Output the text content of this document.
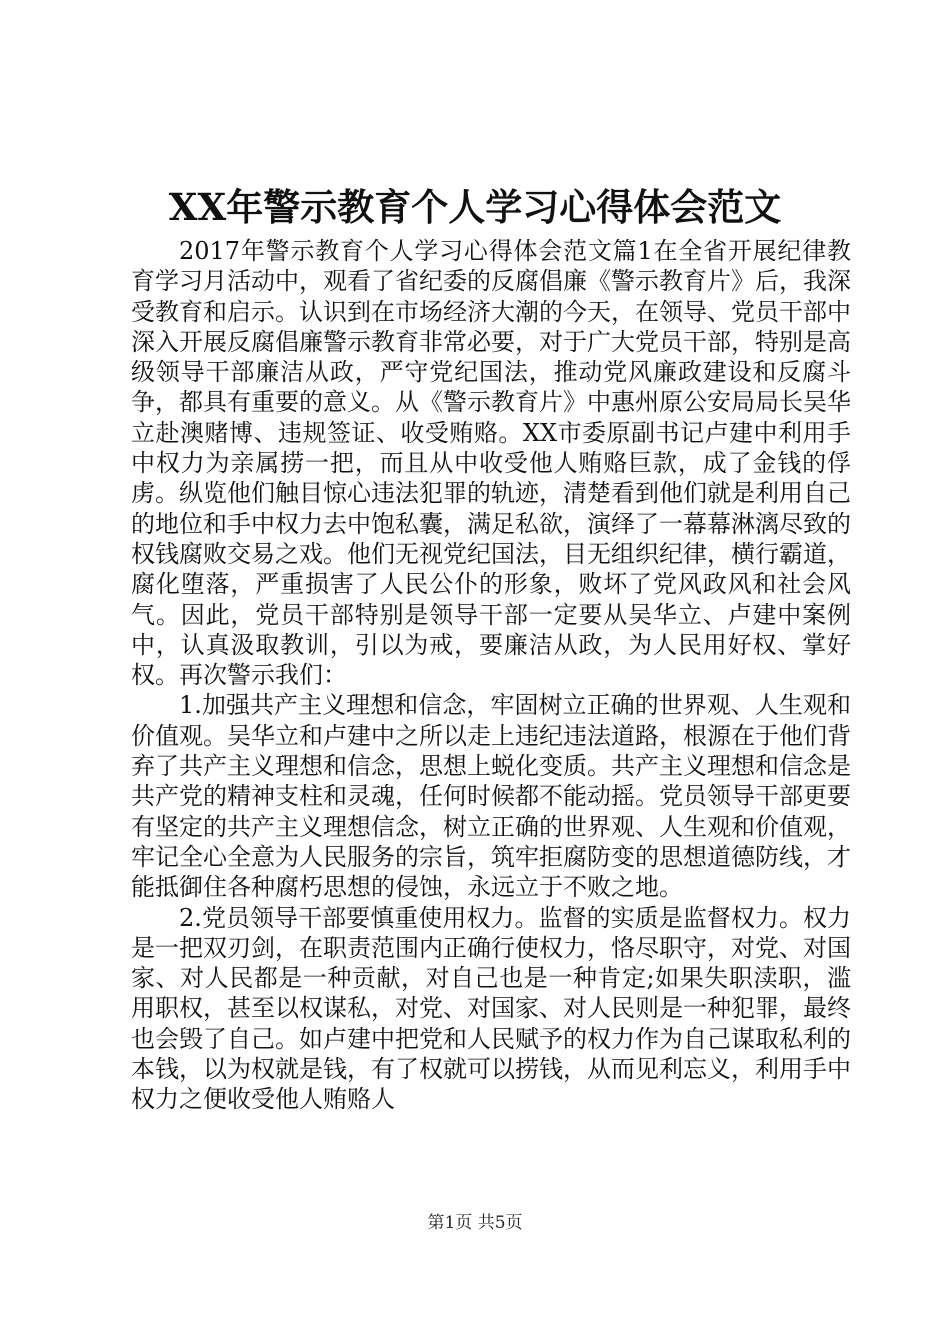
XX年警示教育个人学习心得体会范文

2017年警示教育个人学习心得体会范文篇1在全省开展纪律教育学习月活动中，观看了省纪委的反腐倡廉《警示教育片》后，我深受教育和启示。认识到在市场经济大潮的今天，在领导、党员干部中深入开展反腐倡廉警示教育非常必要，对于广大党员干部，特别是高级领导干部廉洁从政，严守党纪国法，推动党风廉政建设和反腐斗争，都具有重要的意义。从《警示教育片》中惠州原公安局局长吴华立赴澳赌博、违规签证、收受贿赂。XX市委原副书记卢建中利用手中权力为亲属捞一把，而且从中收受他人贿赂巨款，成了金钱的俘虏。纵览他们触目惊心违法犯罪的轨迹，清楚看到他们就是利用自己的地位和手中权力去中饱私囊，满足私欲，演绎了一幕幕淋漓尽致的权钱腐败交易之戏。他们无视党纪国法，目无组织纪律，横行霸道，腐化堕落，严重损害了人民公仆的形象，败坏了党风政风和社会风气。因此，党员干部特别是领导干部一定要从吴华立、卢建中案例中，认真汲取教训，引以为戒，要廉洁从政，为人民用好权、掌好权。再次警示我们：

1.加强共产主义理想和信念，牢固树立正确的世界观、人生观和价值观。吴华立和卢建中之所以走上违纪违法道路，根源在于他们背弃了共产主义理想和信念，思想上蜕化变质。共产主义理想和信念是共产党的精神支柱和灵魂，任何时候都不能动摇。党员领导干部更要有坚定的共产主义理想信念，树立正确的世界观、人生观和价值观，牢记全心全意为人民服务的宗旨，筑牢拒腐防变的思想道德防线，才能抵御住各种腐朽思想的侵蚀，永远立于不败之地。

2.党员领导干部要慎重使用权力。监督的实质是监督权力。权力是一把双刃剑，在职责范围内正确行使权力，恪尽职守，对党、对国家、对人民都是一种贡献，对自己也是一种肯定;如果失职渎职，滥用职权，甚至以权谋私，对党、对国家、对人民则是一种犯罪，最终也会毁了自己。如卢建中把党和人民赋予的权力作为自己谋取私利的本钱，以为权就是钱，有了权就可以捞钱，从而见利忘义，利用手中权力之便收受他人贿赂人

第1页 共5页
